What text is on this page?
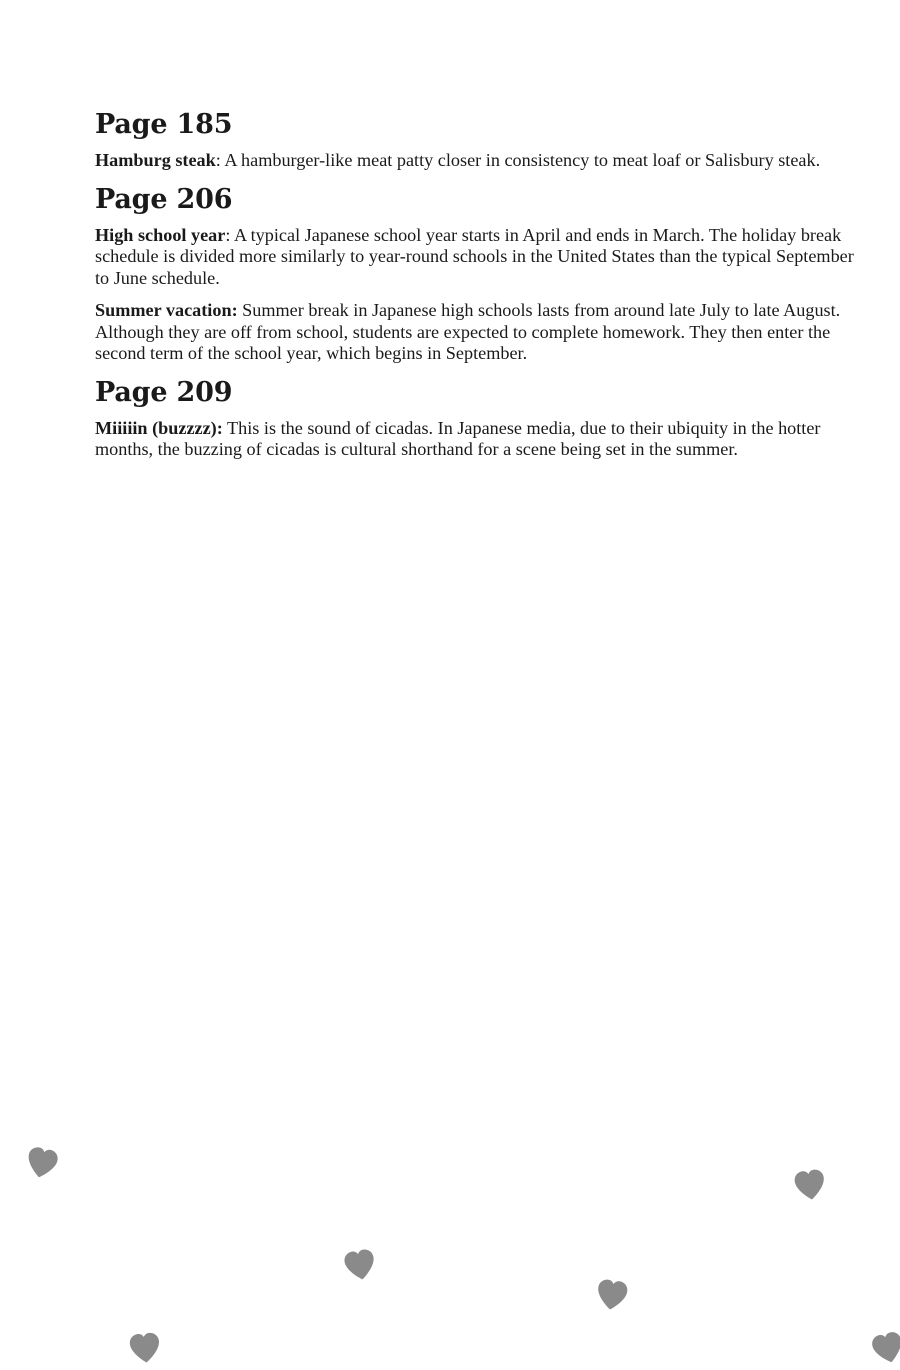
Page 185

Hamburg steak: A hamburger-like meat patty closer in consistency to meat loaf or Salisbury steak.

Page 206

High school year: A typical Japanese school year starts in April and ends in March. The holiday break schedule is divided more similarly to year-round schools in the United States than the typical September to June schedule.

Summer vacation: Summer break in Japanese high schools lasts from around late July to late August. Although they are off from school, students are expected to complete homework. They then enter the second term of the school year, which begins in September.

Page 209

Miiiiin (buzzzz): This is the sound of cicadas. In Japanese media, due to their ubiquity in the hotter months, the buzzing of cicadas is cultural shorthand for a scene being set in the summer.
